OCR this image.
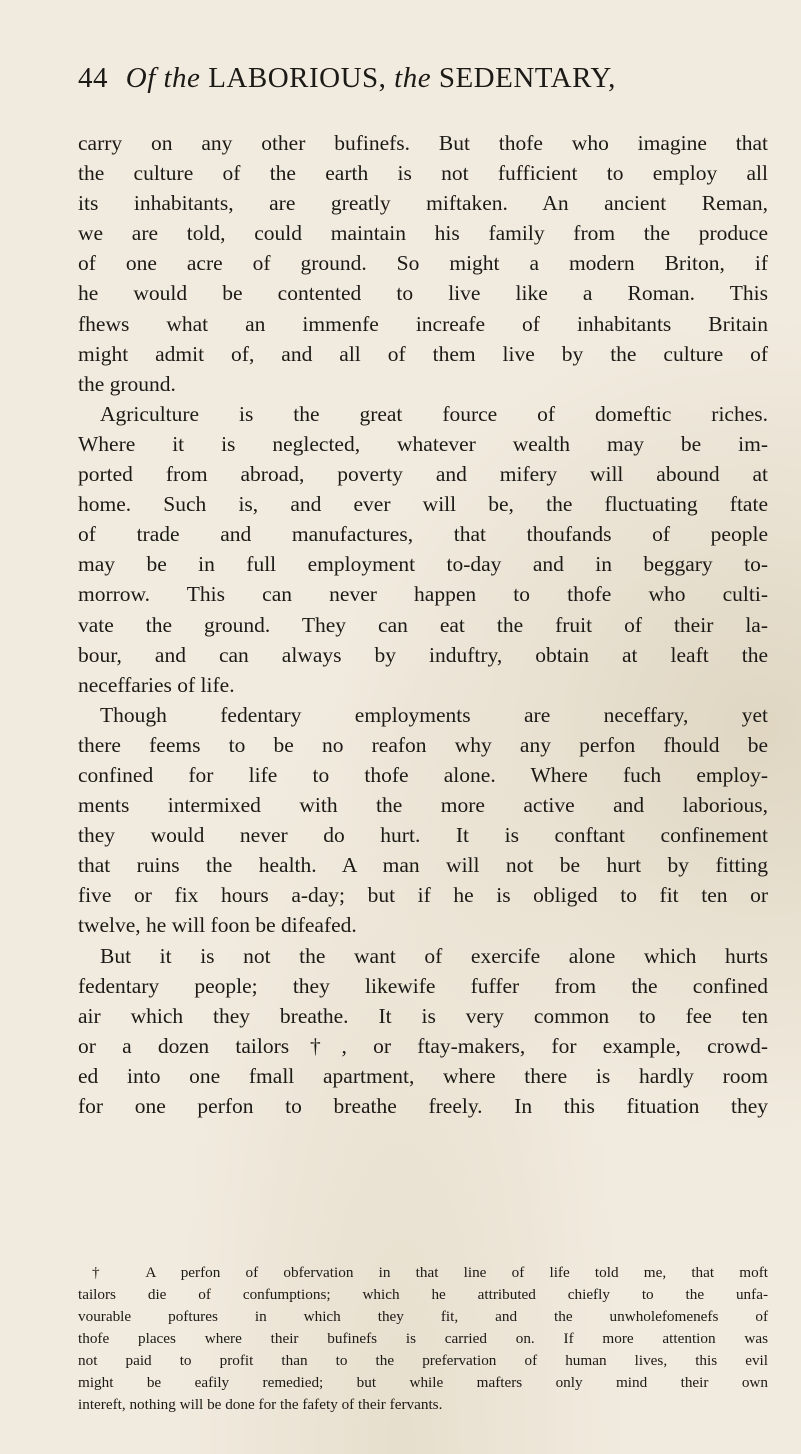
44 Of the LABORIOUS, the SEDENTARY,
carry on any other bufinefs. But thofe who imagine that
the culture of the earth is not fufficient to employ all
its inhabitants, are greatly miftaken. An ancient Reman,
we are told, could maintain his family from the produce
of one acre of ground. So might a modern Briton, if
he would be contented to live like a Roman. This
fhews what an immenfe increafe of inhabitants Britain
might admit of, and all of them live by the culture of
the ground.
Agriculture is the great fource of domeftic riches.
Where it is neglected, whatever wealth may be im-
ported from abroad, poverty and mifery will abound at
home. Such is, and ever will be, the fluctuating ftate
of trade and manufactures, that thoufands of people
may be in full employment to-day and in beggary to-
morrow. This can never happen to thofe who culti-
vate the ground. They can eat the fruit of their la-
bour, and can always by induftry, obtain at leaft the
neceffaries of life.
Though fedentary employments are neceffary, yet
there feems to be no reafon why any perfon fhould be
confined for life to thofe alone. Where fuch employ-
ments intermixed with the more active and laborious,
they would never do hurt. It is conftant confinement
that ruins the health. A man will not be hurt by fitting
five or fix hours a-day; but if he is obliged to fit ten or
twelve, he will foon be difeafed.
But it is not the want of exercife alone which hurts
fedentary people; they likewife fuffer from the confined
air which they breathe. It is very common to fee ten
or a dozen tailors†, or ftay-makers, for example, crowd-
ed into one fmall apartment, where there is hardly room
for one perfon to breathe freely. In this fituation they
† A perfon of obfervation in that line of life told me, that moft
tailors die of confumptions; which he attributed chiefly to the unfa-
vourable poftures in which they fit, and the unwholefomenefs of
thofe places where their bufinefs is carried on. If more attention was
not paid to profit than to the prefervation of human lives, this evil
might be eafily remedied; but while mafters only mind their own
intereft, nothing will be done for the fafety of their fervants.
